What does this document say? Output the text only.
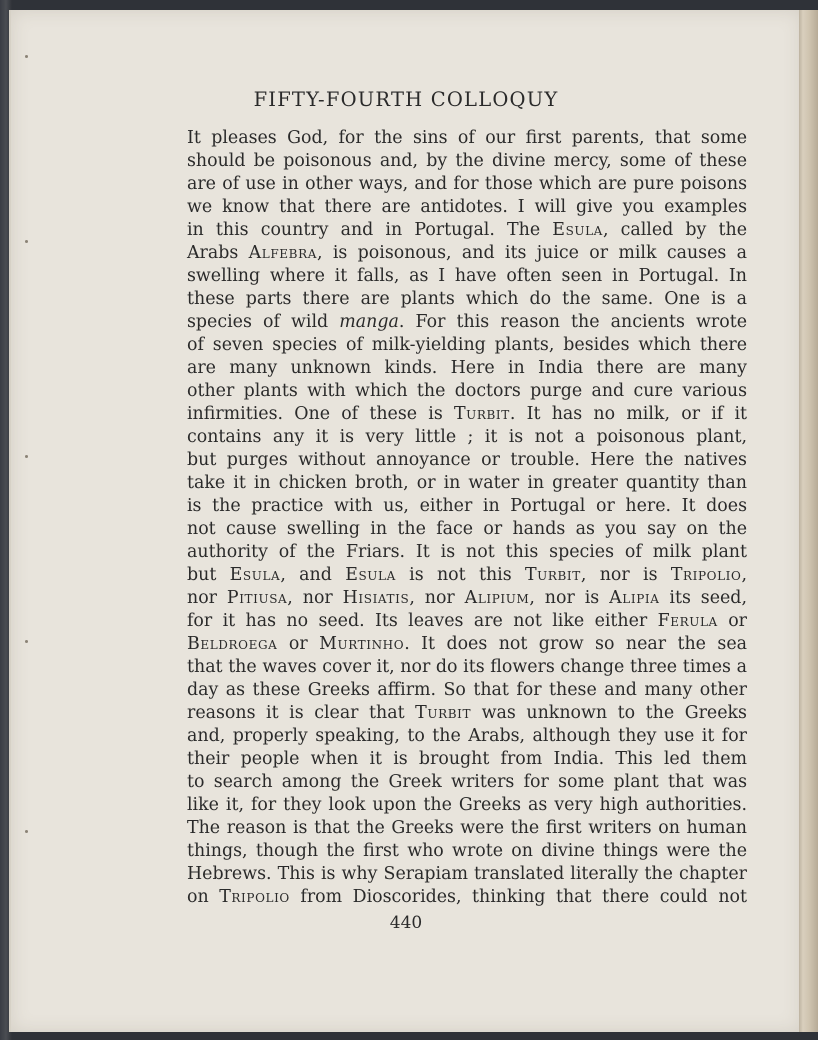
FIFTY-FOURTH COLLOQUY
It pleases God, for the sins of our first parents, that some
should be poisonous and, by the divine mercy, some of these
are of use in other ways, and for those which are pure poisons
we know that there are antidotes. I will give you examples
in this country and in Portugal. The Esula, called by the
Arabs Alfebra, is poisonous, and its juice or milk causes a
swelling where it falls, as I have often seen in Portugal. In
these parts there are plants which do the same. One is a
species of wild manga. For this reason the ancients wrote
of seven species of milk-yielding plants, besides which there
are many unknown kinds. Here in India there are many
other plants with which the doctors purge and cure various
infirmities. One of these is Turbit. It has no milk, or if it
contains any it is very little ; it is not a poisonous plant,
but purges without annoyance or trouble. Here the natives
take it in chicken broth, or in water in greater quantity than
is the practice with us, either in Portugal or here. It does
not cause swelling in the face or hands as you say on the
authority of the Friars. It is not this species of milk plant
but Esula, and Esula is not this Turbit, nor is Tripolio,
nor Pitiusa, nor Hisiatis, nor Alipium, nor is Alipia its seed,
for it has no seed. Its leaves are not like either Ferula or
Beldroega or Murtinho. It does not grow so near the sea
that the waves cover it, nor do its flowers change three times a
day as these Greeks affirm. So that for these and many other
reasons it is clear that Turbit was unknown to the Greeks
and, properly speaking, to the Arabs, although they use it for
their people when it is brought from India. This led them
to search among the Greek writers for some plant that was
like it, for they look upon the Greeks as very high authorities.
The reason is that the Greeks were the first writers on human
things, though the first who wrote on divine things were the
Hebrews. This is why Serapiam translated literally the chapter
on Tripolio from Dioscorides, thinking that there could not
440
